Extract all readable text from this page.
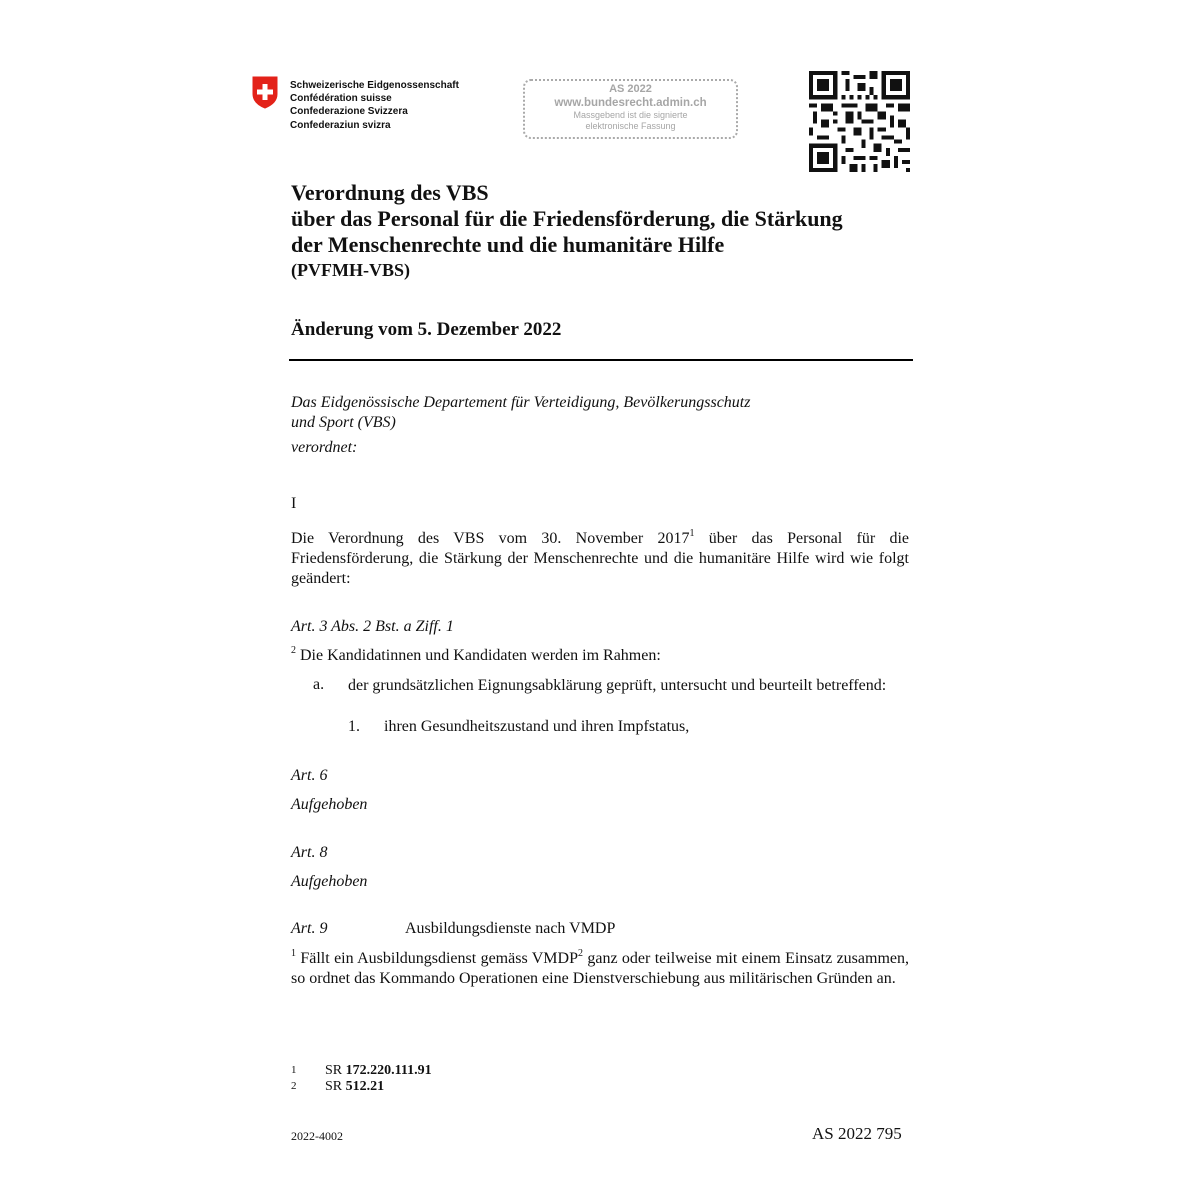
Schweizerische Eidgenossenschaft
Confédération suisse
Confederazione Svizzera
Confederaziun svizra
AS 2022
www.bundesrecht.admin.ch
Massgebend ist die signierte
elektronische Fassung
Verordnung des VBS
über das Personal für die Friedensförderung, die Stärkung
der Menschenrechte und die humanitäre Hilfe
(PVFMH-VBS)
Änderung vom 5. Dezember 2022
Das Eidgenössische Departement für Verteidigung, Bevölkerungsschutz
und Sport (VBS)
verordnet:
I
Die Verordnung des VBS vom 30. November 2017$^1$ über das Personal für die Friedensförderung, die Stärkung der Menschenrechte und die humanitäre Hilfe wird wie folgt geändert:
Art. 3 Abs. 2 Bst. a Ziff. 1
$^2$ Die Kandidatinnen und Kandidaten werden im Rahmen:
a. der grundsätzlichen Eignungsabklärung geprüft, untersucht und beurteilt betreffend:
1. ihren Gesundheitszustand und ihren Impfstatus,
Art. 6
Aufgehoben
Art. 8
Aufgehoben
Art. 9	Ausbildungsdienste nach VMDP
$^1$ Fällt ein Ausbildungsdienst gemäss VMDP$^2$ ganz oder teilweise mit einem Einsatz zusammen, so ordnet das Kommando Operationen eine Dienstverschiebung aus militärischen Gründen an.
1 SR 172.220.111.91
2 SR 512.21
2022-4002	AS 2022 795
